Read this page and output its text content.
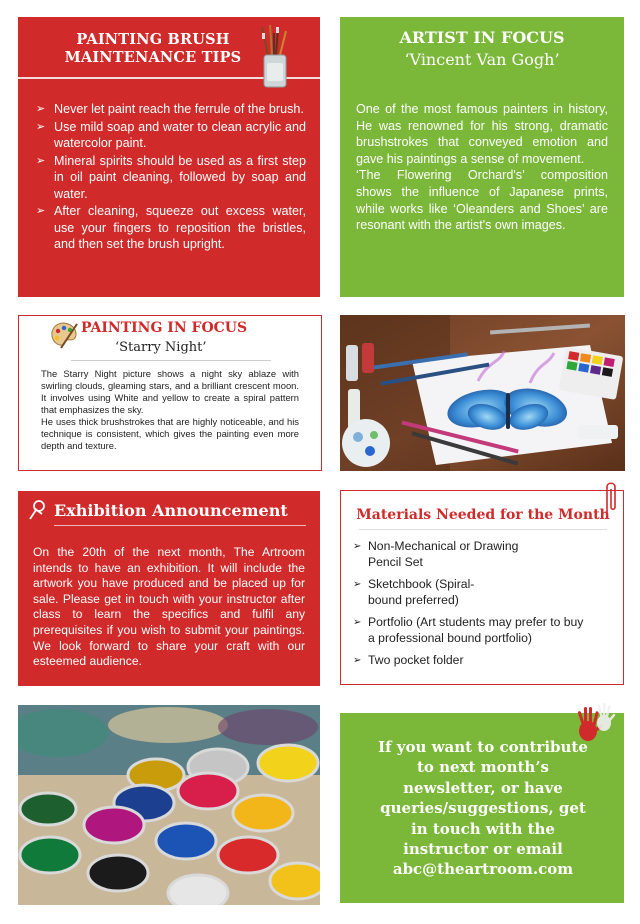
PAINTING BRUSH
MAINTENANCE TIPS
➢ Never let paint reach the ferrule of the brush.
➢ Use mild soap and water to clean acrylic and watercolor paint.
➢ Mineral spirits should be used as a first step in oil paint cleaning, followed by soap and water.
➢ After cleaning, squeeze out excess water, use your fingers to reposition the bristles, and then set the brush upright.
ARTIST IN FOCUS
‘Vincent Van Gogh’

One of the most famous painters in history, He was renowned for his strong, dramatic brushstrokes that conveyed emotion and gave his paintings a sense of movement.

‘The Flowering Orchard's’ composition shows the influence of Japanese prints, while works like ‘Oleanders and Shoes’ are resonant with the artist's own images.

PAINTING IN FOCUS
‘Starry Night’

The Starry Night picture shows a night sky ablaze with swirling clouds, gleaming stars, and a brilliant crescent moon. It involves using White and yellow to create a spiral pattern that emphasizes the sky.

He uses thick brushstrokes that are highly noticeable, and his technique is consistent, which gives the painting even more depth and texture.

Exhibition Announcement
On the 20th of the next month, The Artroom intends to have an exhibition. It will include the artwork you have produced and be placed up for sale. Please get in touch with your instructor after class to learn the specifics and fulfil any prerequisites if you wish to submit your paintings. We look forward to share your craft with our esteemed audience.
Materials Needed for the Month
➢ Non-Mechanical or Drawing
Pencil Set
➢ Sketchbook (Spiral-
bound preferred)
➢ Portfolio (Art students may prefer to buy
a professional bound portfolio)
➢ Two pocket folder
If you want to contribute
to next month’s
newsletter, or have
queries/suggestions, get
in touch with the
instructor or email
abc@theartroom.com
